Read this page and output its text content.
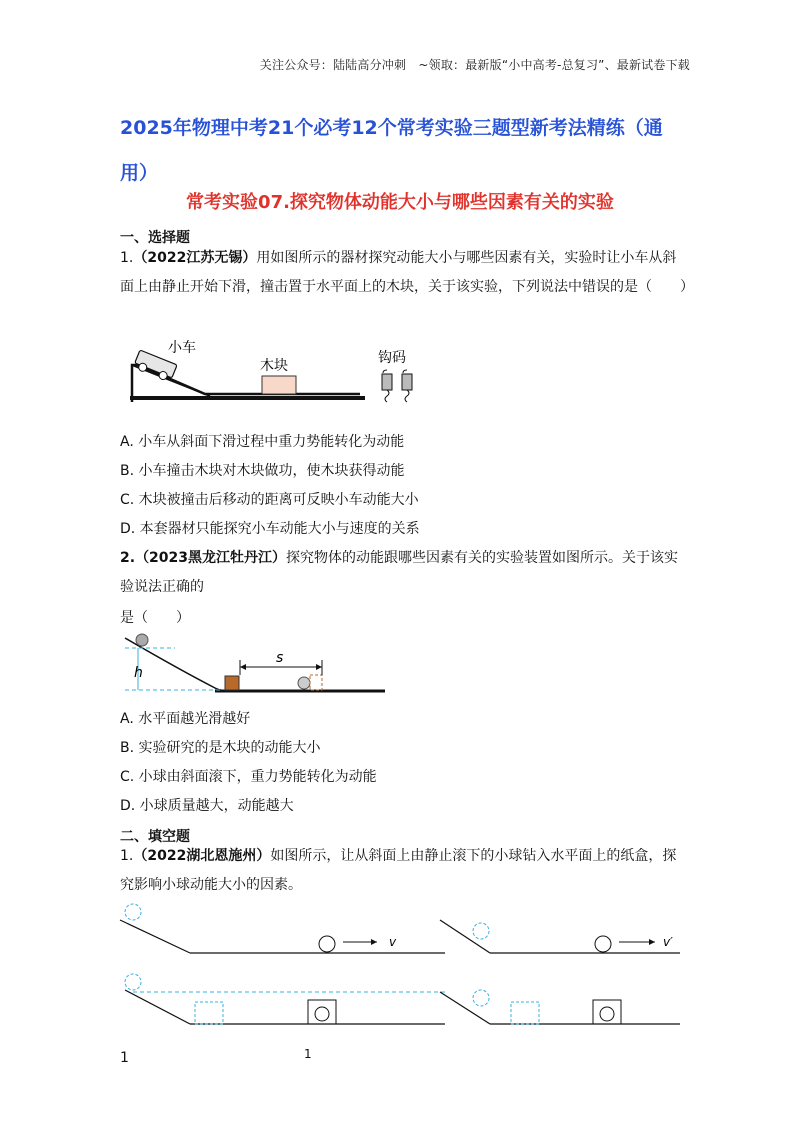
关注公众号：陆陆高分冲刺　~领取：最新版“小中高考-总复习”、最新试卷下载
2025年物理中考21个必考12个常考实验三题型新考法精练（通用）
常考实验07.探究物体动能大小与哪些因素有关的实验
一、选择题
1.（2022江苏无锡）用如图所示的器材探究动能大小与哪些因素有关，实验时让小车从斜面上由静止开始下滑，撞击置于水平面上的木块，关于该实验，下列说法中错误的是（　　）
小车
木块	钩码
A. 小车从斜面下滑过程中重力势能转化为动能
B. 小车撞击木块对木块做功，使木块获得动能
C. 木块被撞击后移动的距离可反映小车动能大小
D. 本套器材只能探究小车动能大小与速度的关系
2.（2023黑龙江牡丹江）探究物体的动能跟哪些因素有关的实验装置如图所示。关于该实验说法正确的
是（　　）
h
s
A. 水平面越光滑越好
B. 实验研究的是木块的动能大小
C. 小球由斜面滚下，重力势能转化为动能
D. 小球质量越大，动能越大
二、填空题
1.（2022湖北恩施州）如图所示，让从斜面上由静止滚下的小球钻入水平面上的纸盒，探究影响小球动能大小的因素。
v	v′
1	1
